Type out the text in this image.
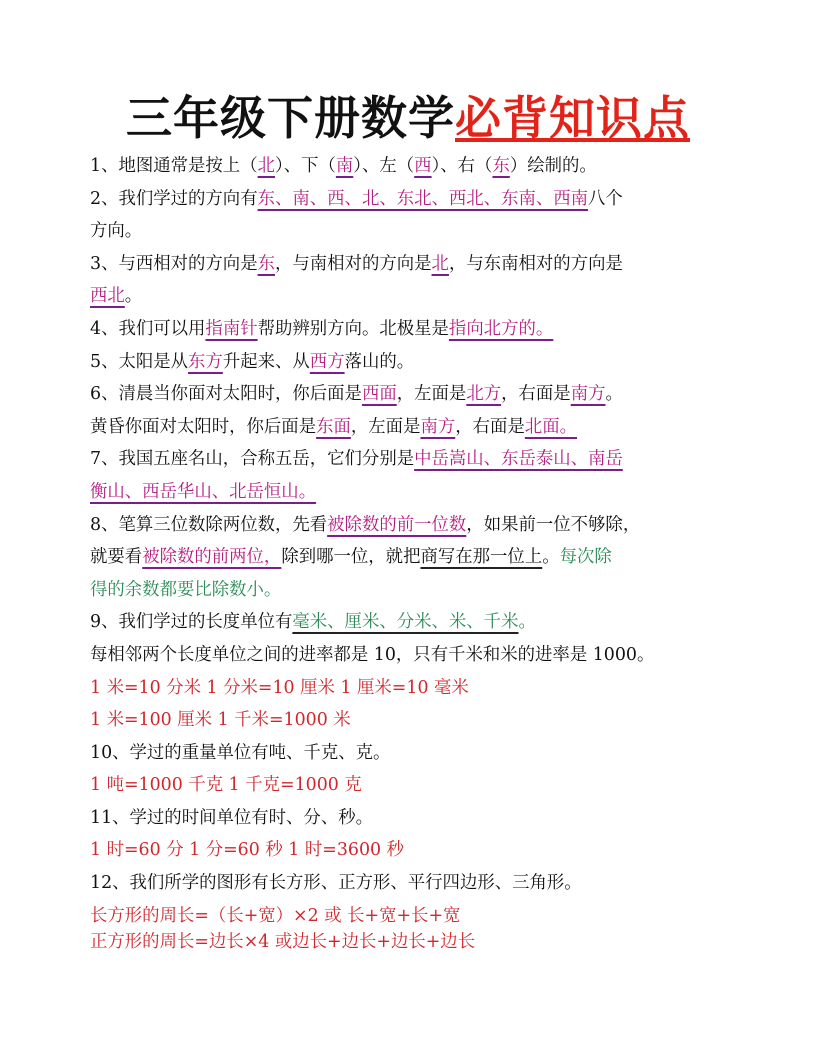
三年级下册数学必背知识点
1、地图通常是按上（北）、下（南）、左（西）、右（东）绘制的。
2、我们学过的方向有东、南、西、北、东北、西北、东南、西南八个
方向。
3、与西相对的方向是东，与南相对的方向是北，与东南相对的方向是
西北。
4、我们可以用指南针帮助辨别方向。北极星是指向北方的。
5、太阳是从东方升起来、从西方落山的。
6、清晨当你面对太阳时，你后面是西面，左面是北方，右面是南方。
黄昏你面对太阳时，你后面是东面，左面是南方，右面是北面。
7、我国五座名山，合称五岳，它们分别是中岳嵩山、东岳泰山、南岳
衡山、西岳华山、北岳恒山。
8、笔算三位数除两位数，先看被除数的前一位数，如果前一位不够除，
就要看被除数的前两位，除到哪一位，就把商写在那一位上。每次除
得的余数都要比除数小。
9、我们学过的长度单位有毫米、厘米、分米、米、千米。
每相邻两个长度单位之间的进率都是 10，只有千米和米的进率是 1000。
1 米=10 分米 1 分米=10 厘米 1 厘米=10 毫米
1 米=100 厘米 1 千米=1000 米
10、学过的重量单位有吨、千克、克。
1 吨=1000 千克 1 千克=1000 克
11、学过的时间单位有时、分、秒。
1 时=60 分 1 分=60 秒 1 时=3600 秒
12、我们所学的图形有长方形、正方形、平行四边形、三角形。
长方形的周长=（长+宽）×2 或 长+宽+长+宽
正方形的周长=边长×4 或边长+边长+边长+边长
